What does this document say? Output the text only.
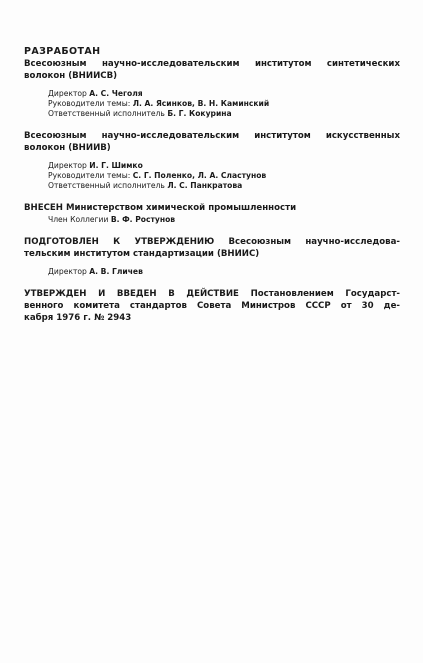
РАЗРАБОТАН
Всесоюзным научно-исследовательским институтом синтетических
волокон (ВНИИСВ)
Директор А. С. Чеголя
Руководители темы: Л. А. Ясинков, В. Н. Каминский
Ответственный исполнитель Б. Г. Кокурина
Всесоюзным научно-исследовательским институтом искусственных
волокон (ВНИИВ)
Директор И. Г. Шимко
Руководители темы: С. Г. Поленко, Л. А. Сластунов
Ответственный исполнитель Л. С. Панкратова
ВНЕСЕН Министерством химической промышленности
Член Коллегии В. Ф. Ростунов
ПОДГОТОВЛЕН К УТВЕРЖДЕНИЮ Всесоюзным научно-исследова-
тельским институтом стандартизации (ВНИИС)
Директор А. В. Гличев
УТВЕРЖДЕН И ВВЕДЕН В ДЕЙСТВИЕ Постановлением Государст-
венного комитета стандартов Совета Министров СССР от 30 де-
кабря 1976 г. № 2943
